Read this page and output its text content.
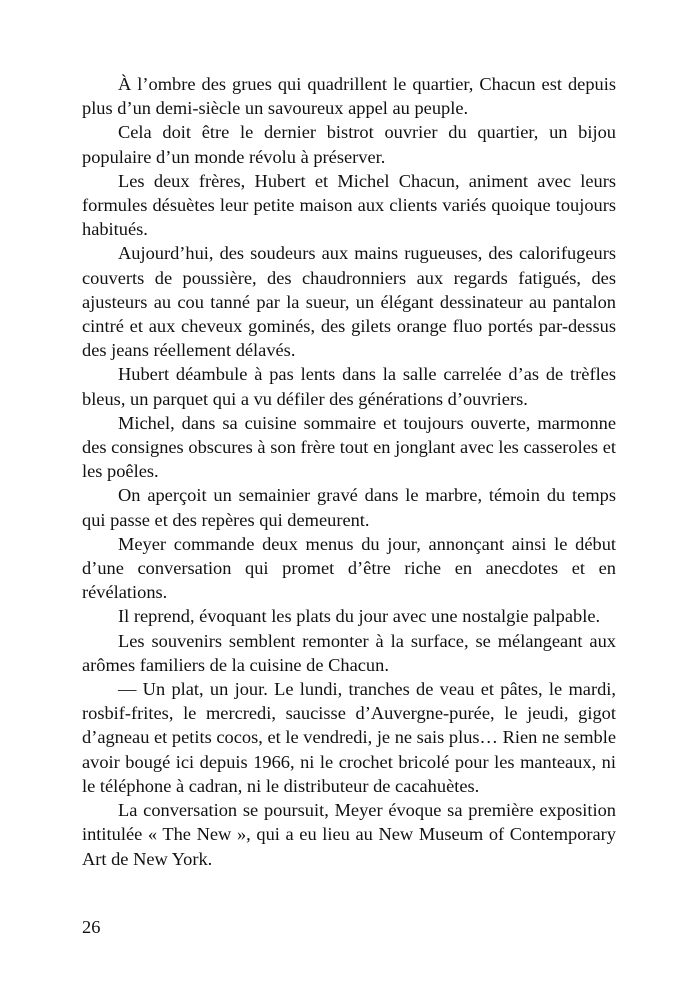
À l’ombre des grues qui quadrillent le quartier, Chacun est depuis plus d’un demi-siècle un savoureux appel au peuple.

Cela doit être le dernier bistrot ouvrier du quartier, un bijou populaire d’un monde révolu à préserver.

Les deux frères, Hubert et Michel Chacun, animent avec leurs formules désuètes leur petite maison aux clients variés quoique toujours habitués.

Aujourd’hui, des soudeurs aux mains rugueuses, des calorifugeurs couverts de poussière, des chaudronniers aux regards fatigués, des ajusteurs au cou tanné par la sueur, un élégant dessinateur au pantalon cintré et aux cheveux gominés, des gilets orange fluo portés par-dessus des jeans réellement délavés.

Hubert déambule à pas lents dans la salle carrelée d’as de trèfles bleus, un parquet qui a vu défiler des générations d’ouvriers.

Michel, dans sa cuisine sommaire et toujours ouverte, marmonne des consignes obscures à son frère tout en jonglant avec les casseroles et les poêles.

On aperçoit un semainier gravé dans le marbre, témoin du temps qui passe et des repères qui demeurent.

Meyer commande deux menus du jour, annonçant ainsi le début d’une conversation qui promet d’être riche en anecdotes et en révélations.

Il reprend, évoquant les plats du jour avec une nostalgie palpable.

Les souvenirs semblent remonter à la surface, se mélangeant aux arômes familiers de la cuisine de Chacun.

— Un plat, un jour. Le lundi, tranches de veau et pâtes, le mardi, rosbif-frites, le mercredi, saucisse d’Auvergne-purée, le jeudi, gigot d’agneau et petits cocos, et le vendredi, je ne sais plus… Rien ne semble avoir bougé ici depuis 1966, ni le crochet bricolé pour les manteaux, ni le téléphone à cadran, ni le distributeur de cacahuètes.

La conversation se poursuit, Meyer évoque sa première exposition intitulée « The New », qui a eu lieu au New Museum of Contemporary Art de New York.

26
